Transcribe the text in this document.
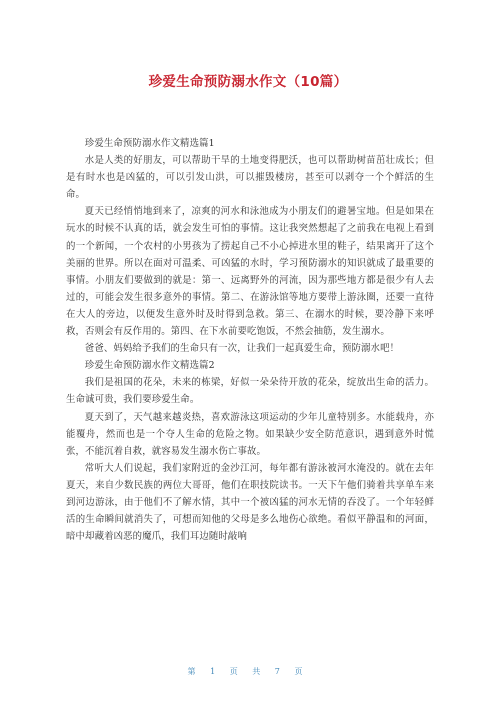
珍爱生命预防溺水作文（10篇）

珍爱生命预防溺水作文精选篇1

水是人类的好朋友，可以帮助干旱的土地变得肥沃，也可以帮助树苗茁壮成长；但是有时水也是凶猛的，可以引发山洪，可以摧毁楼房，甚至可以剥夺一个个鲜活的生命。

夏天已经悄悄地到来了，凉爽的河水和泳池成为小朋友们的避暑宝地。但是如果在玩水的时候不认真的话，就会发生可怕的事情。这让我突然想起了之前我在电视上看到的一个新闻，一个农村的小男孩为了捞起自己不小心掉进水里的鞋子，结果离开了这个美丽的世界。所以在面对可温柔、可凶猛的水时，学习预防溺水的知识就成了最重要的事情。小朋友们要做到的就是：第一、远离野外的河流，因为那些地方都是很少有人去过的，可能会发生很多意外的事情。第二、在游泳馆等地方要带上游泳圈，还要一直待在大人的旁边，以便发生意外时及时得到急救。第三、在溺水的时候，要冷静下来呼救，否则会有反作用的。第四、在下水前要吃饱饭，不然会抽筋，发生溺水。

爸爸、妈妈给予我们的生命只有一次，让我们一起真爱生命，预防溺水吧！

珍爱生命预防溺水作文精选篇2

我们是祖国的花朵，未来的栋梁，好似一朵朵待开放的花朵，绽放出生命的活力。生命诚可贵，我们要珍爱生命。

夏天到了，天气越来越炎热，喜欢游泳这项运动的少年儿童特别多。水能载舟，亦能覆舟，然而也是一个夺人生命的危险之物。如果缺少安全防范意识，遇到意外时慌张，不能沉着自救，就容易发生溺水伤亡事故。

常听大人们说起，我们家附近的金沙江河，每年都有游泳被河水淹没的。就在去年夏天，来自少数民族的两位大哥哥，他们在职技院读书。一天下午他们骑着共享单车来到河边游泳，由于他们不了解水情，其中一个被凶猛的河水无情的吞没了。一个年轻鲜活的生命瞬间就消失了，可想而知他的父母是多么地伤心欲绝。看似平静温和的河面，暗中却藏着凶恶的魔爪，我们耳边随时敲响

第 1 页 共 7 页
